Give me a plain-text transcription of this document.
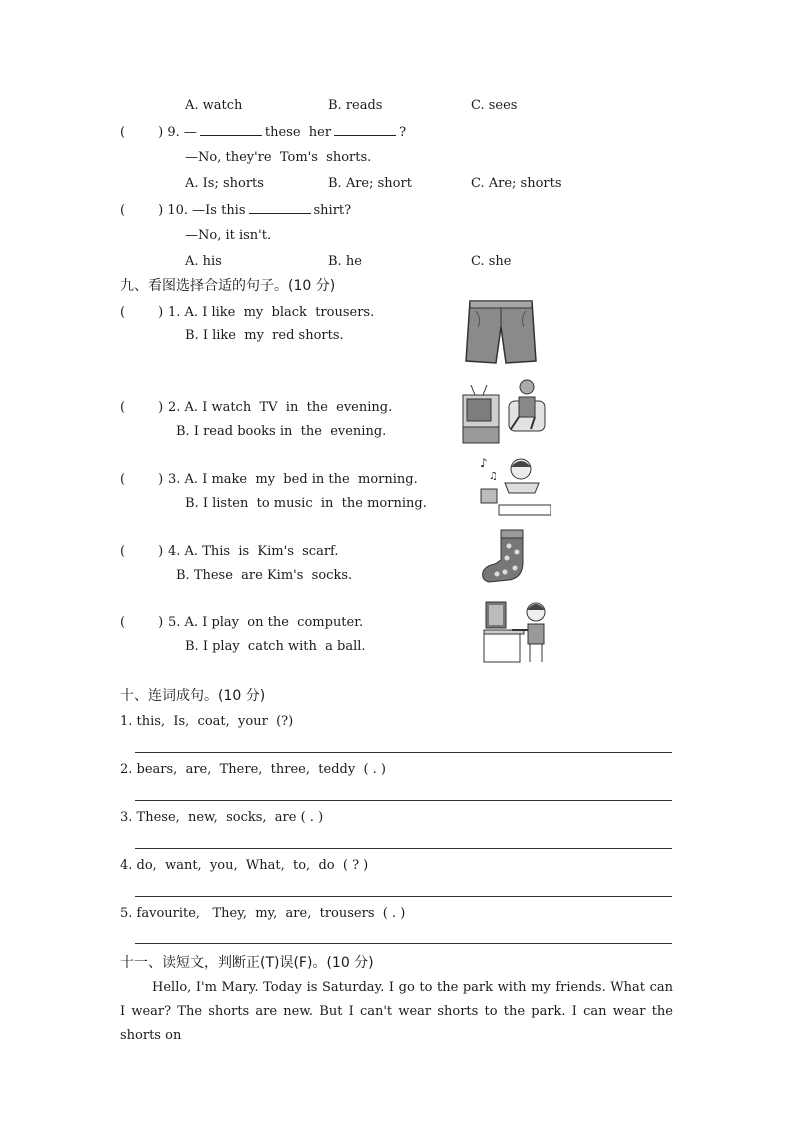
A. watch	B. reads	C. sees
(        ) 9. —	these  her	?
—No, they're  Tom's  shorts.
A. Is; shorts	B. Are; short	C. Are; shorts
(        ) 10. —Is this	shirt?
—No, it isn't.
A. his	B. he	C. she
九、看图选择合适的句子。(10 分)
(        ) 1. A. I like  my  black  trousers.
B. I like  my  red shorts.
(        ) 2. A. I watch  TV  in  the  evening.
B. I read books in  the  evening.
(        ) 3. A. I make  my  bed in the  morning.
B. I listen  to music  in  the morning.
(        ) 4. A. This  is  Kim's  scarf.
B. These  are Kim's  socks.
(        ) 5. A. I play  on the  computer.
B. I play  catch with  a ball.
♪
♫
十、连词成句。(10 分)
1. this,  Is,  coat,  your  (?)
2. bears,  are,  There,  three,  teddy  ( . )
3. These,  new,  socks,  are ( . )
4. do,  want,  you,  What,  to,  do  ( ? )
5. favourite,   They,  my,  are,  trousers  ( . )
十一、读短文，判断正(T)误(F)。(10 分)
Hello, I'm Mary. Today is Saturday. I go to the park with my friends. What can I wear? The shorts are new. But I can't wear shorts to the park. I can wear the shorts on
